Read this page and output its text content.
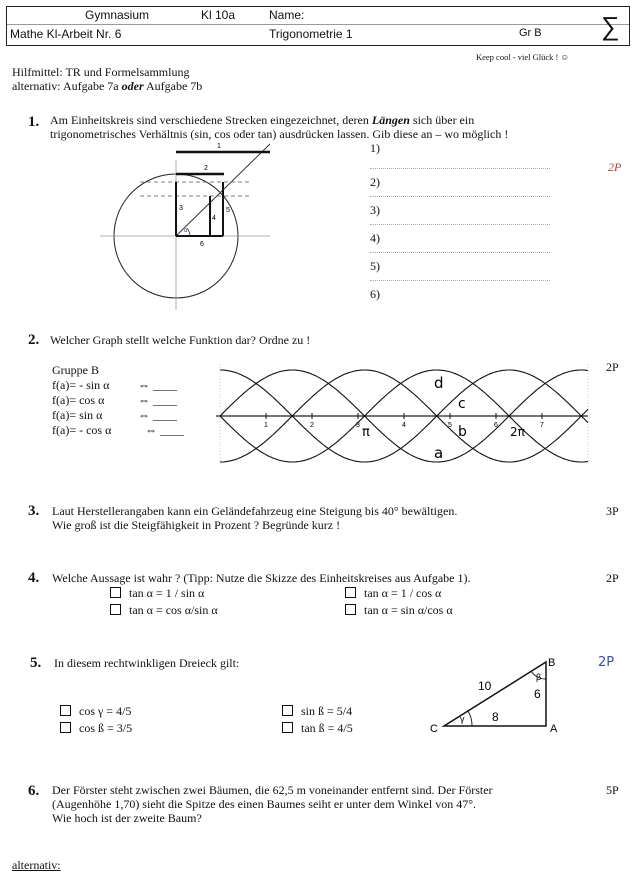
Gymnasium	Kl 10a	Name:
Mathe Kl-Arbeit Nr. 6	Trigonometrie 1	Gr B ∑
Keep cool - viel Glück ! ☺
Hilfmittel: TR und Formelsammlung
alternativ: Aufgabe 7a oder Aufgabe 7b
1. Am Einheitskreis sind verschiedene Strecken eingezeichnet, deren Längen sich über ein
trigonometrisches Verhältnis (sin, cos oder tan) ausdrücken lassen. Gib diese an – wo möglich !
α
1
2
3
4
5
6
1)
2)
3)
4)
5)
6)
2P
2. Welcher Graph stellt welche Funktion dar? Ordne zu !
2P
Gruppe B
f(a)= - sin α ⇔ ____
f(a)= cos α	⇔ ____
f(a)= sin α	⇔ ____
f(a)= - cos α	⇔ ____	1	2	3	4	5	6	7
π	2π
d
c
b
a
3. Laut Herstellerangaben kann ein Geländefahrzeug eine Steigung bis 40° bewältigen.
Wie groß ist die Steigfähigkeit in Prozent ? Begründe kurz !
3P
4. Welche Aussage ist wahr ? (Tipp: Nutze die Skizze des Einheitskreises aus Aufgabe 1).	2P
tan α = 1 / sin α	tan α = 1 / cos α
tan α = cos α/sin α	tan α = sin α/cos α
5. In diesem rechtwinkligen Dreieck gilt:	2P
cos γ = 4/5	sin ß = 5/4
cos ß = 3/5	tan ß = 4/5	C	A
B
10
6
8
β
γ
6. Der Förster steht zwischen zwei Bäumen, die 62,5 m voneinander entfernt sind. Der Förster
(Augenhöhe 1,70) sieht die Spitze des einen Baumes seiht er unter dem Winkel von 47°.
Wie hoch ist der zweite Baum?
5P
alternativ:
